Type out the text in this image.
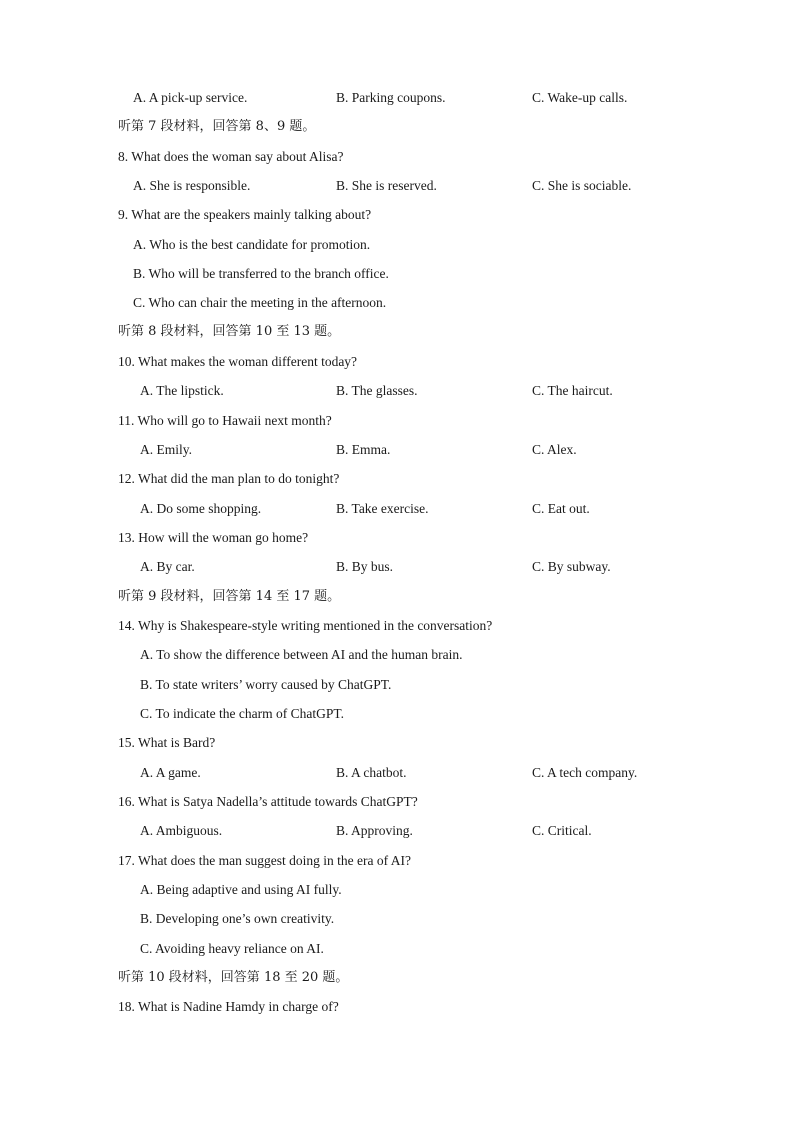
A. A pick-up service.	B. Parking coupons.	C. Wake-up calls.
听第 7 段材料，回答第 8、9 题。
8. What does the woman say about Alisa?
A. She is responsible.	B. She is reserved.	C. She is sociable.
9. What are the speakers mainly talking about?
A. Who is the best candidate for promotion.
B. Who will be transferred to the branch office.
C. Who can chair the meeting in the afternoon.
听第 8 段材料，回答第 10 至 13 题。
10. What makes the woman different today?
A. The lipstick.	B. The glasses.	C. The haircut.
11. Who will go to Hawaii next month?
A. Emily.	B. Emma.	C. Alex.
12. What did the man plan to do tonight?
A. Do some shopping.	B. Take exercise.	C. Eat out.
13. How will the woman go home?
A. By car.	B. By bus.	C. By subway.
听第 9 段材料，回答第 14 至 17 题。
14. Why is Shakespeare-style writing mentioned in the conversation?
A. To show the difference between AI and the human brain.
B. To state writers’ worry caused by ChatGPT.
C. To indicate the charm of ChatGPT.
15. What is Bard?
A. A game.	B. A chatbot.	C. A tech company.
16. What is Satya Nadella’s attitude towards ChatGPT?
A. Ambiguous.	B. Approving.	C. Critical.
17. What does the man suggest doing in the era of AI?
A. Being adaptive and using AI fully.
B. Developing one’s own creativity.
C. Avoiding heavy reliance on AI.
听第 10 段材料，回答第 18 至 20 题。
18. What is Nadine Hamdy in charge of?
